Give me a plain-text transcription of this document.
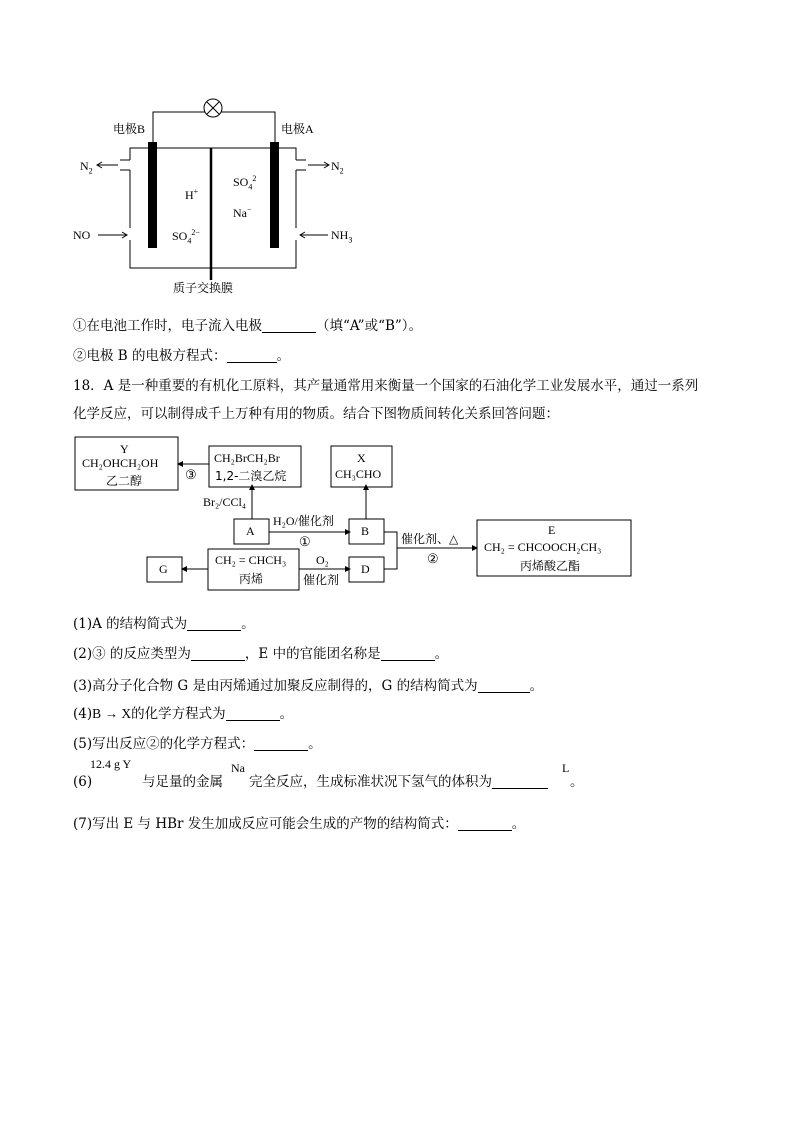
电极B	电极A
$N_2$	$N_2$
NO	$NH_3$
H+
$SO_4^2$
Na−
$SO_4^{2-}$
质子交换膜
①在电池工作时，电子流入电极	（填“A”或“B”）。
②电极 B 的电极方程式：	。
18．A 是一种重要的有机化工原料，其产量通常用来衡量一个国家的石油化学工业发展水平，通过一系列
化学反应，可以制得成千上万种有用的物质。结合下图物质间转化关系回答问题：
Y
CH₂OHCH₂OH
乙二醇
CH₂BrCH₂Br
1,2-二溴乙烷
X
CH₃CHO
③
Br₂/CCl₄
A
H₂O/催化剂
①
B
催化剂、△
②
E
CH₂ = CHCOOCH₂CH₃
丙烯酸乙酯
G
CH₂ = CHCH₃
丙烯
O₂
催化剂
D
(1)A 的结构简式为	。
(2)③ 的反应类型为	，E 中的官能团名称是	。
(3)高分子化合物 G 是由丙烯通过加聚反应制得的，G 的结构简式为	。
(4)B → X的化学方程式为	。
(5)写出反应②的化学方程式：	。
(6)
12.4 g Y
与足量的金属
Na
完全反应，生成标准状况下氢气的体积为
L
。
(7)写出 E 与 HBr 发生加成反应可能会生成的产物的结构简式：	。
